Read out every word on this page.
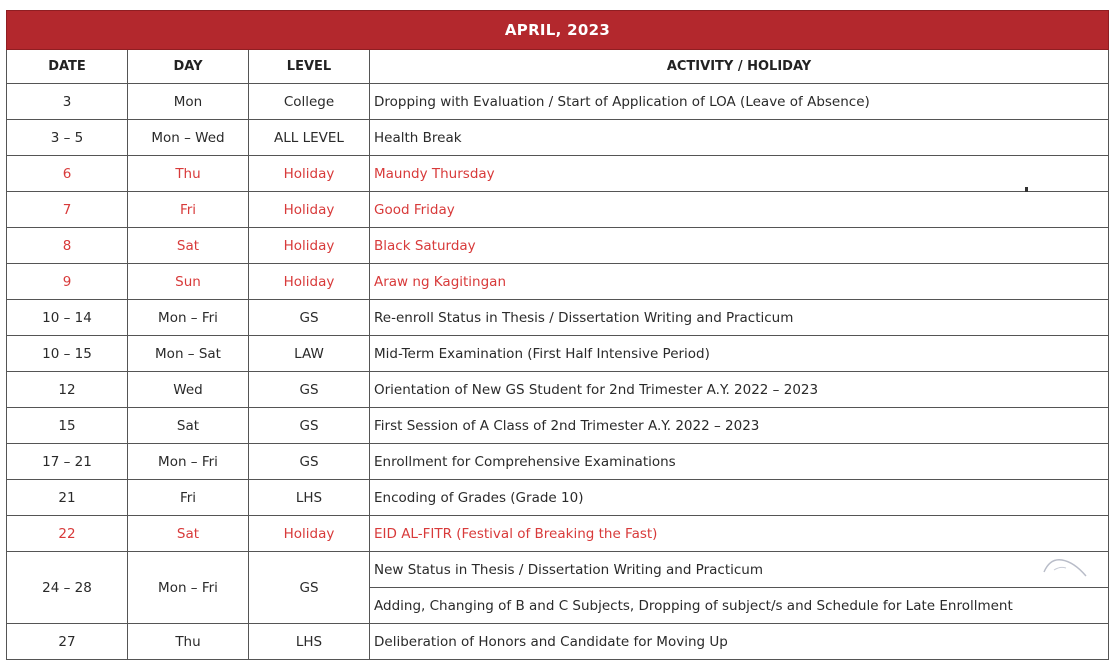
APRIL, 2023			
DATE	DAY	LEVEL	ACTIVITY / HOLIDAY
3	Mon	College	Dropping with Evaluation / Start of Application of LOA (Leave of Absence)
3 – 5	Mon – Wed	ALL LEVEL	Health Break
6	Thu	Holiday	Maundy Thursday
7	Fri	Holiday	Good Friday
8	Sat	Holiday	Black Saturday
9	Sun	Holiday	Araw ng Kagitingan
10 – 14	Mon – Fri	GS	Re-enroll Status in Thesis / Dissertation Writing and Practicum
10 – 15	Mon – Sat	LAW	Mid-Term Examination (First Half Intensive Period)
12	Wed	GS	Orientation of New GS Student for 2nd Trimester A.Y. 2022 – 2023
15	Sat	GS	First Session of A Class of 2nd Trimester A.Y. 2022 – 2023
17 – 21	Mon – Fri	GS	Enrollment for Comprehensive Examinations
21	Fri	LHS	Encoding of Grades (Grade 10)
22	Sat	Holiday	EID AL-FITR (Festival of Breaking the Fast)
24 – 28	Mon – Fri	GS	New Status in Thesis / Dissertation Writing and Practicum
			Adding, Changing of B and C Subjects, Dropping of subject/s and Schedule for Late Enrollment
27	Thu	LHS	Deliberation of Honors and Candidate for Moving Up
